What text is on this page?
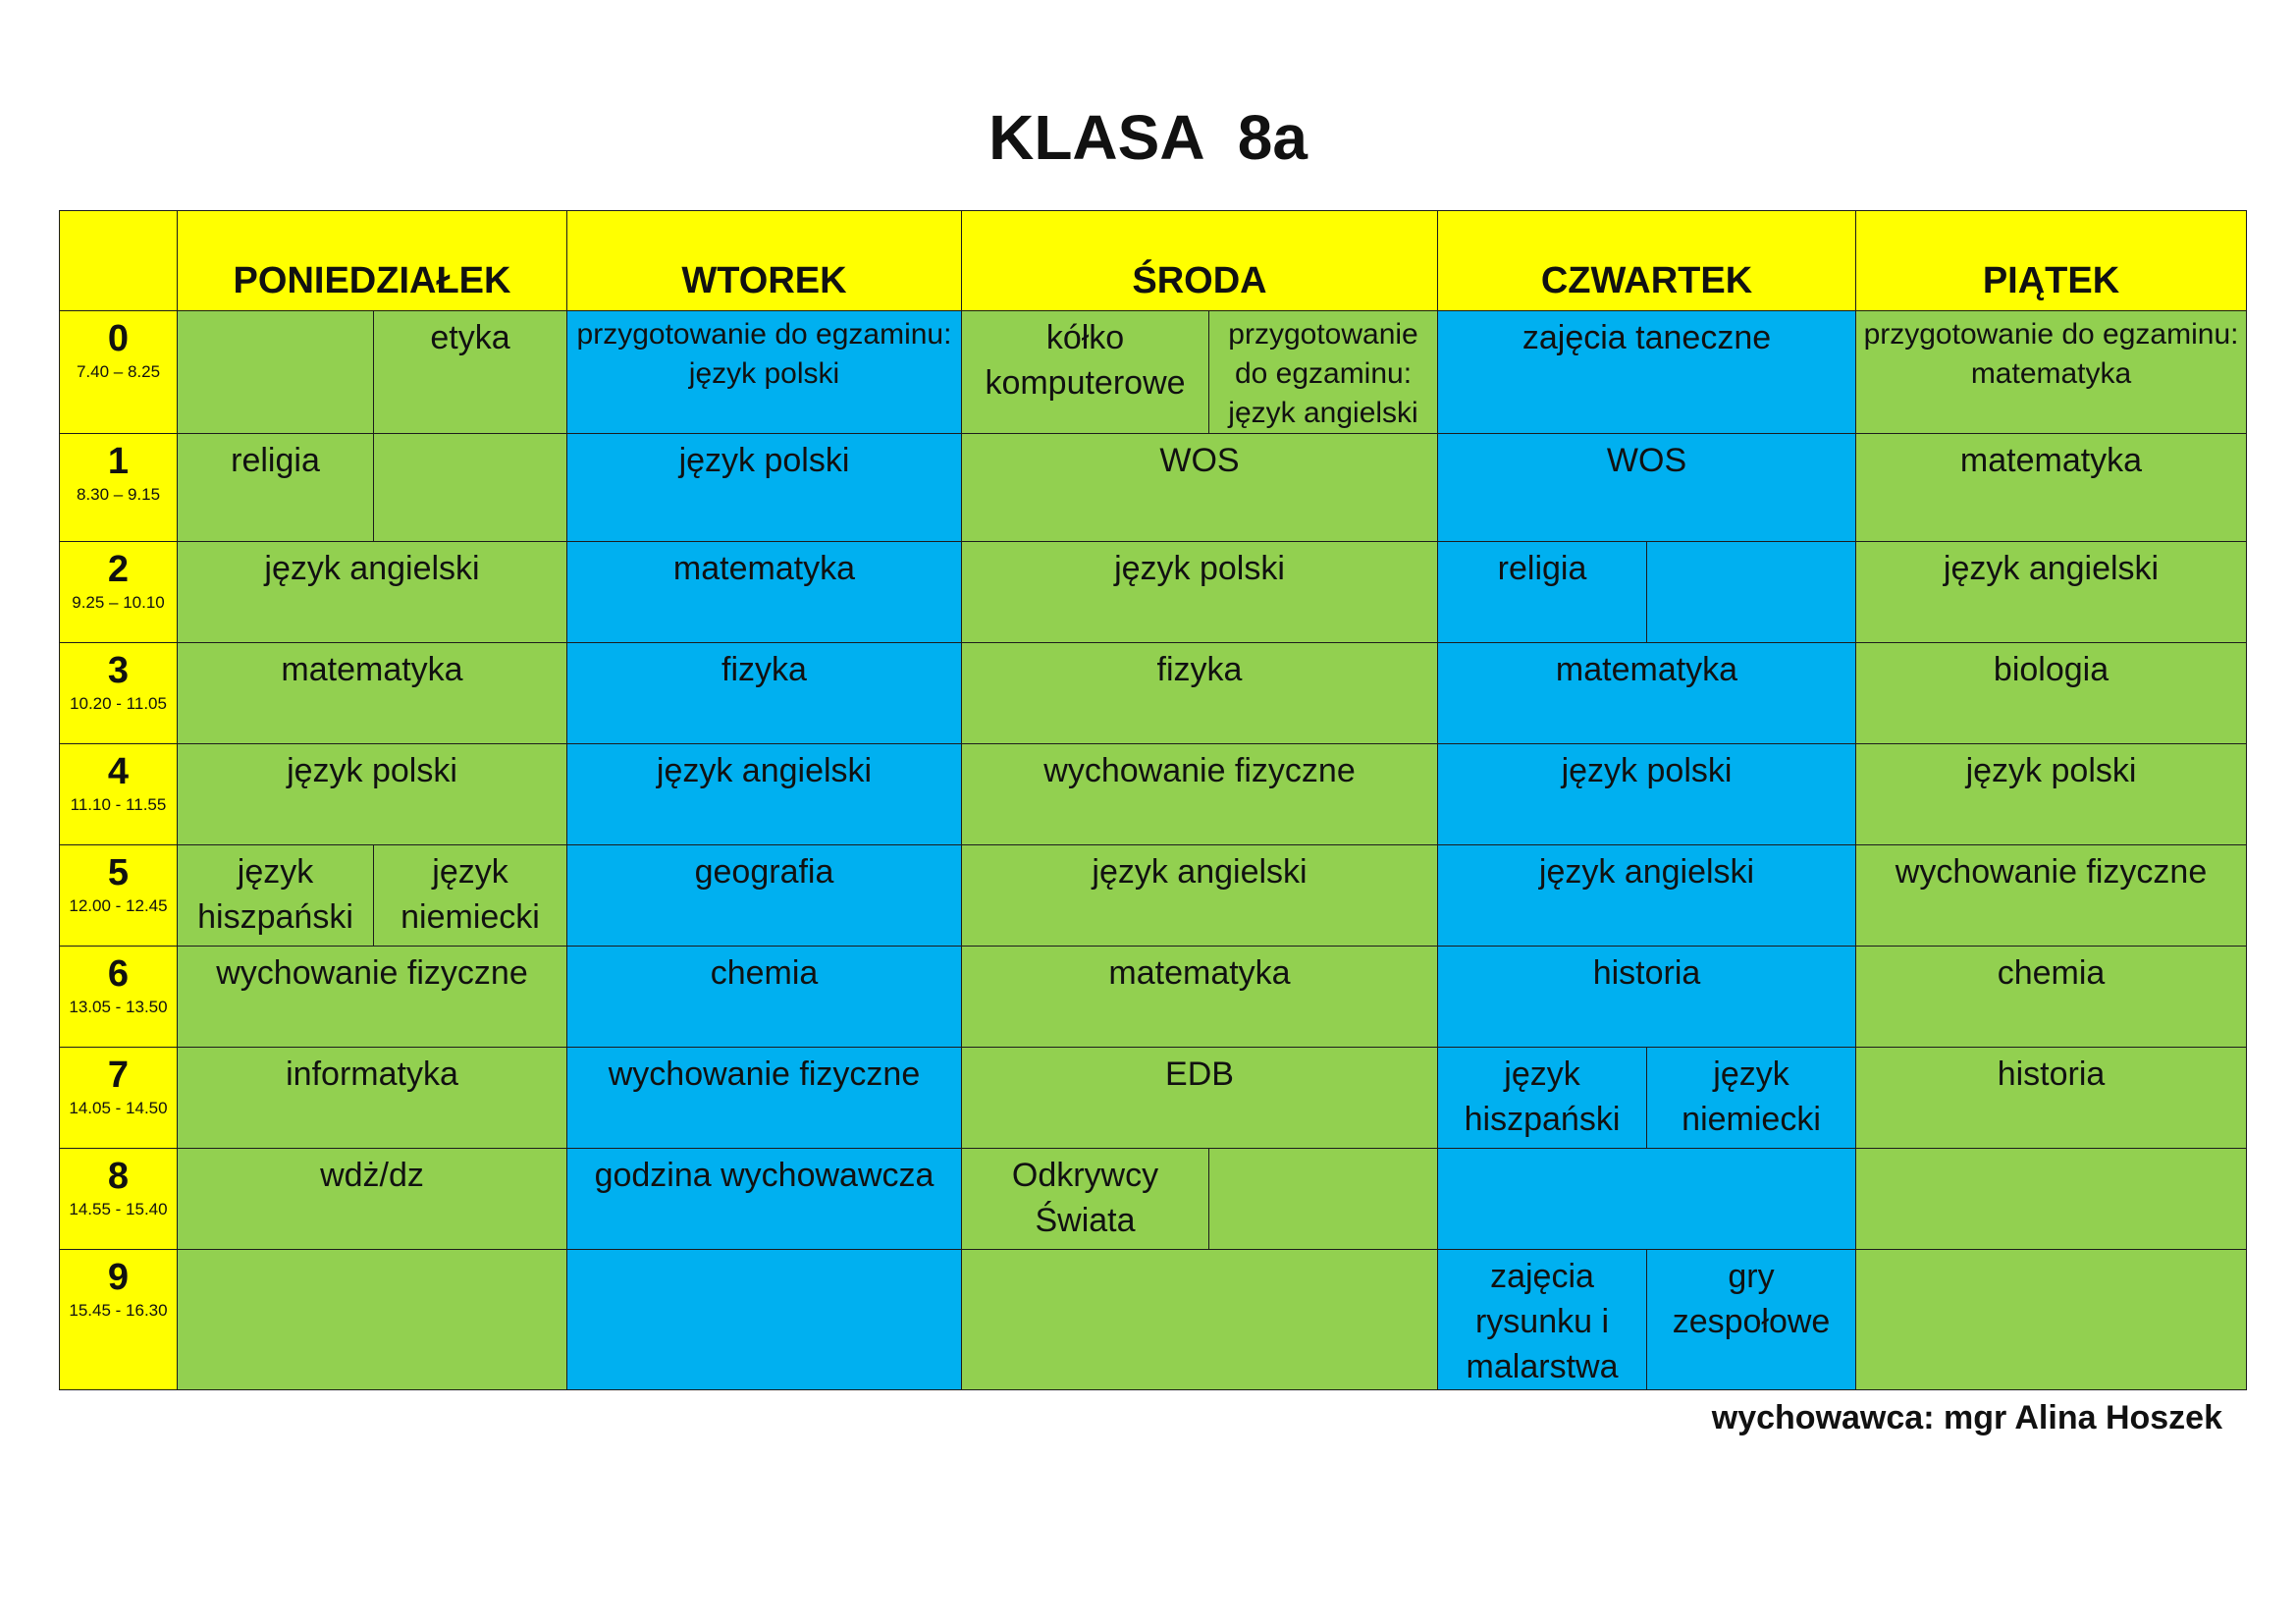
KLASA  8a
	PONIEDZIAŁEK		WTOREK	ŚRODA		CZWARTEK		PIĄTEK

0
7.40 – 8.25		etyka	przygotowanie do egzaminu: język polski	kółko komputerowe	przygotowanie do egzaminu: język angielski	zajęcia taneczne		przygotowanie do egzaminu: matematyka

1
8.30 – 9.15	religia		język polski	WOS		WOS		matematyka

2
9.25 – 10.10	język angielski		matematyka	język polski		religia		język angielski

3
10.20 - 11.05	matematyka		fizyka	fizyka		matematyka		biologia

4
11.10 - 11.55	język polski		język angielski	wychowanie fizyczne		język polski		język polski

5
12.00 - 12.45	język hiszpański	język niemiecki	geografia	język angielski		język angielski		wychowanie fizyczne

6
13.05 - 13.50	wychowanie fizyczne		chemia	matematyka		historia		chemia

7
14.05 - 14.50	informatyka		wychowanie fizyczne	EDB		język hiszpański	język niemiecki	historia

8
14.55 - 15.40	wdż/dz		godzina wychowawcza	Odkrywcy Świata				

9
15.45 - 16.30						zajęcia rysunku i malarstwa	gry zespołowe	
wychowawca: mgr Alina Hoszek
